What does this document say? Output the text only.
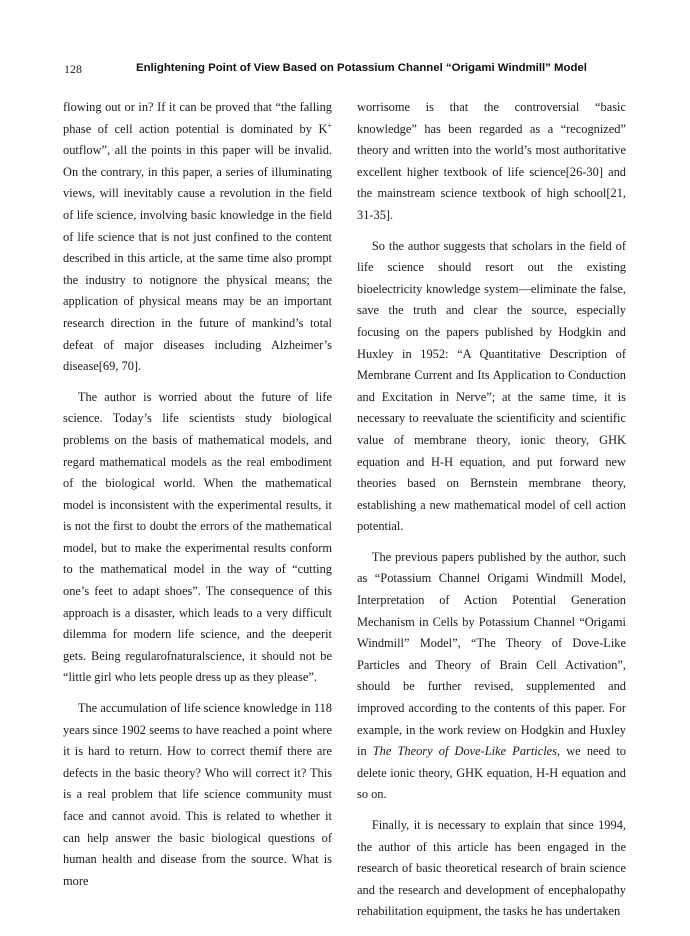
128	Enlightening Point of View Based on Potassium Channel “Origami Windmill” Model

flowing out or in? If it can be proved that “the falling phase of cell action potential is dominated by K+ outflow”, all the points in this paper will be invalid. On the contrary, in this paper, a series of illuminating views, will inevitably cause a revolution in the field of life science, involving basic knowledge in the field of life science that is not just confined to the content described in this article, at the same time also prompt the industry to notignore the physical means; the application of physical means may be an important research direction in the future of mankind’s total defeat of major diseases including Alzheimer’s disease[69, 70].

The author is worried about the future of life science. Today’s life scientists study biological problems on the basis of mathematical models, and regard mathematical models as the real embodiment of the biological world. When the mathematical model is inconsistent with the experimental results, it is not the first to doubt the errors of the mathematical model, but to make the experimental results conform to the mathematical model in the way of “cutting one’s feet to adapt shoes”. The consequence of this approach is a disaster, which leads to a very difficult dilemma for modern life science, and the deeperit gets. Being regularofnaturalscience, it should not be “little girl who lets people dress up as they please”.

The accumulation of life science knowledge in 118 years since 1902 seems to have reached a point where it is hard to return. How to correct themif there are defects in the basic theory? Who will correct it? This is a real problem that life science community must face and cannot avoid. This is related to whether it can help answer the basic biological questions of human health and disease from the source. What is more

worrisome is that the controversial “basic knowledge” has been regarded as a “recognized” theory and written into the world’s most authoritative excellent higher textbook of life science[26-30] and the mainstream science textbook of high school[21, 31-35].

So the author suggests that scholars in the field of life science should resort out the existing bioelectricity knowledge system—eliminate the false, save the truth and clear the source, especially focusing on the papers published by Hodgkin and Huxley in 1952: “A Quantitative Description of Membrane Current and Its Application to Conduction and Excitation in Nerve”; at the same time, it is necessary to reevaluate the scientificity and scientific value of membrane theory, ionic theory, GHK equation and H-H equation, and put forward new theories based on Bernstein membrane theory, establishing a new mathematical model of cell action potential.

The previous papers published by the author, such as “Potassium Channel Origami Windmill Model, Interpretation of Action Potential Generation Mechanism in Cells by Potassium Channel “Origami Windmill” Model”, “The Theory of Dove-Like Particles and Theory of Brain Cell Activation”, should be further revised, supplemented and improved according to the contents of this paper. For example, in the work review on Hodgkin and Huxley in The Theory of Dove-Like Particles, we need to delete ionic theory, GHK equation, H-H equation and so on.

Finally, it is necessary to explain that since 1994, the author of this article has been engaged in the research of basic theoretical research of brain science and the research and development of encephalopathy rehabilitation equipment, the tasks he has undertaken
